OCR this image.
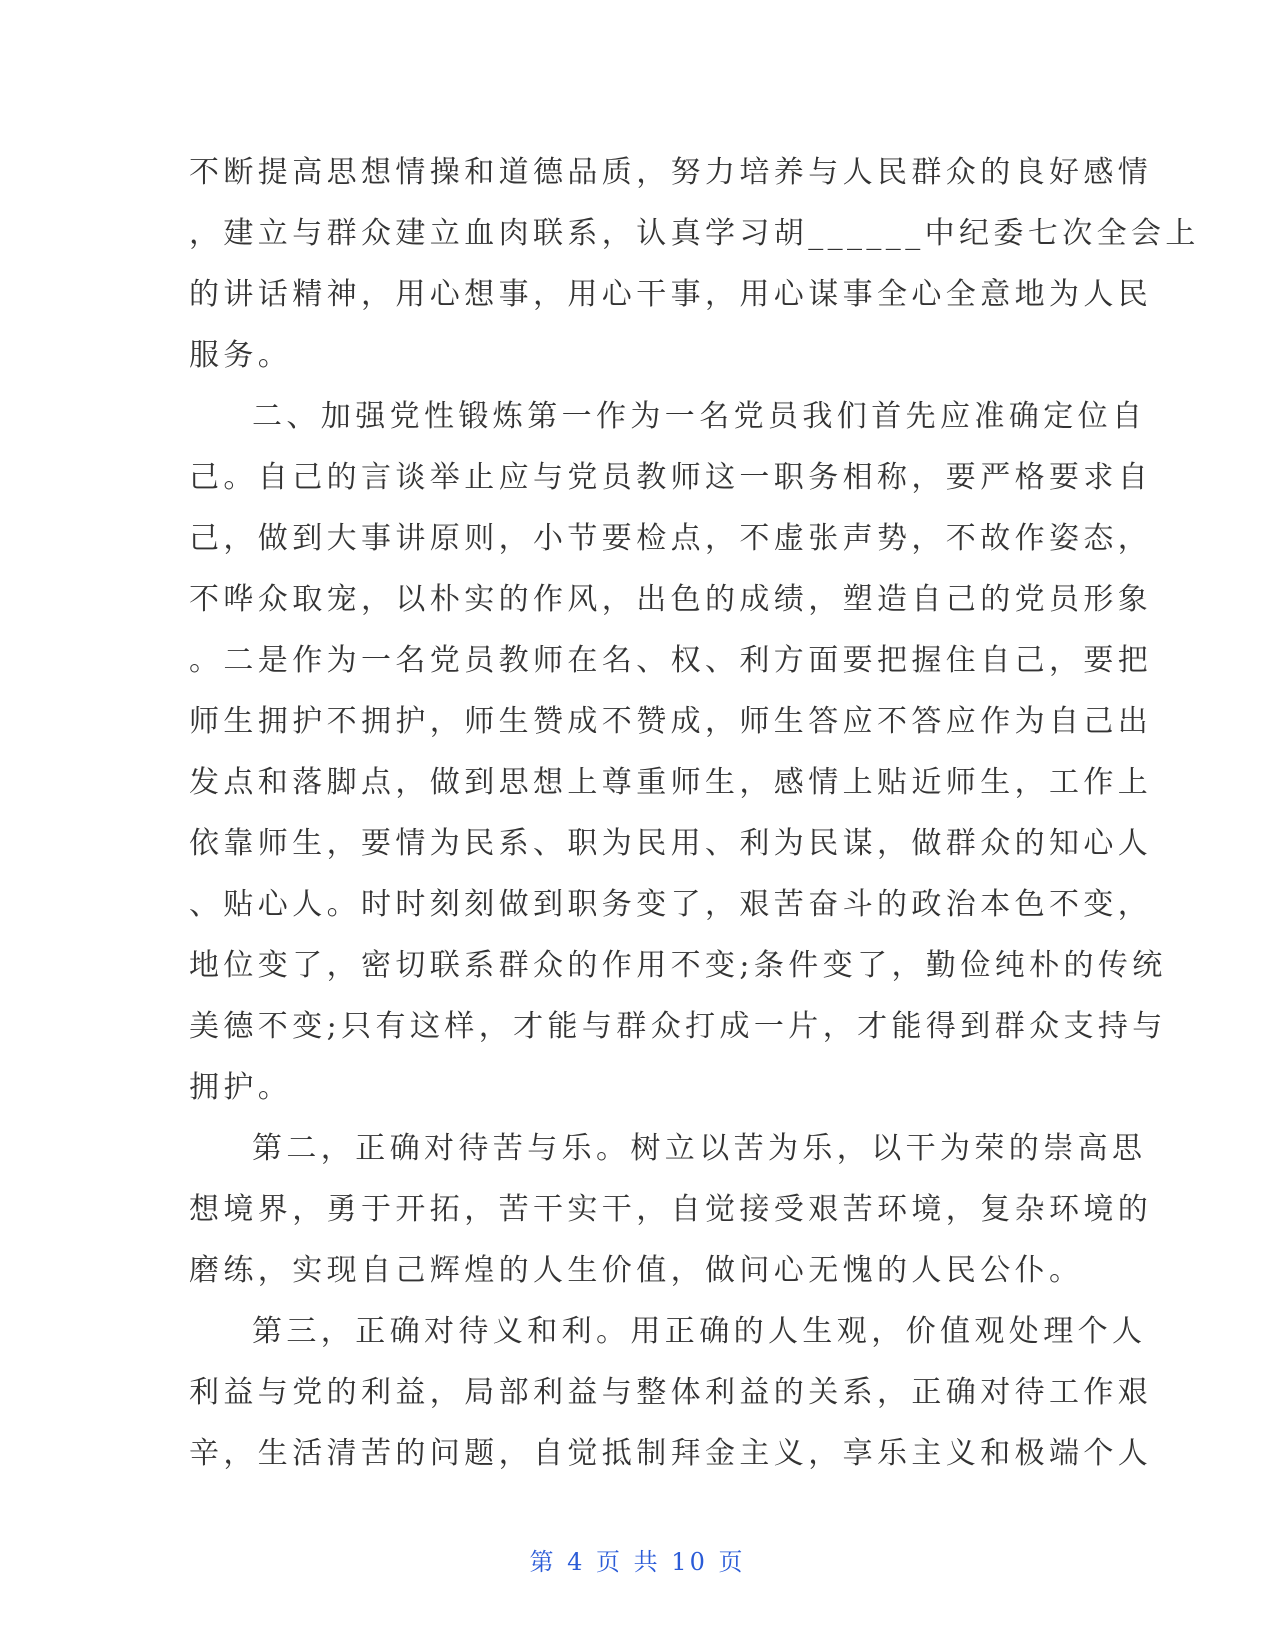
不断提高思想情操和道德品质，努力培养与人民群众的良好感情
，建立与群众建立血肉联系，认真学习胡______中纪委七次全会上
的讲话精神，用心想事，用心干事，用心谋事全心全意地为人民
服务。
二、加强党性锻炼第一作为一名党员我们首先应准确定位自
己。自己的言谈举止应与党员教师这一职务相称，要严格要求自
己，做到大事讲原则，小节要检点，不虚张声势，不故作姿态，
不哗众取宠，以朴实的作风，出色的成绩，塑造自己的党员形象
。二是作为一名党员教师在名、权、利方面要把握住自己，要把
师生拥护不拥护，师生赞成不赞成，师生答应不答应作为自己出
发点和落脚点，做到思想上尊重师生，感情上贴近师生，工作上
依靠师生，要情为民系、职为民用、利为民谋，做群众的知心人
、贴心人。时时刻刻做到职务变了，艰苦奋斗的政治本色不变，
地位变了，密切联系群众的作用不变;条件变了，勤俭纯朴的传统
美德不变;只有这样，才能与群众打成一片，才能得到群众支持与
拥护。
第二，正确对待苦与乐。树立以苦为乐，以干为荣的崇高思
想境界，勇于开拓，苦干实干，自觉接受艰苦环境，复杂环境的
磨练，实现自己辉煌的人生价值，做问心无愧的人民公仆。
第三，正确对待义和利。用正确的人生观，价值观处理个人
利益与党的利益，局部利益与整体利益的关系，正确对待工作艰
辛，生活清苦的问题，自觉抵制拜金主义，享乐主义和极端个人
第 4 页 共 10 页
